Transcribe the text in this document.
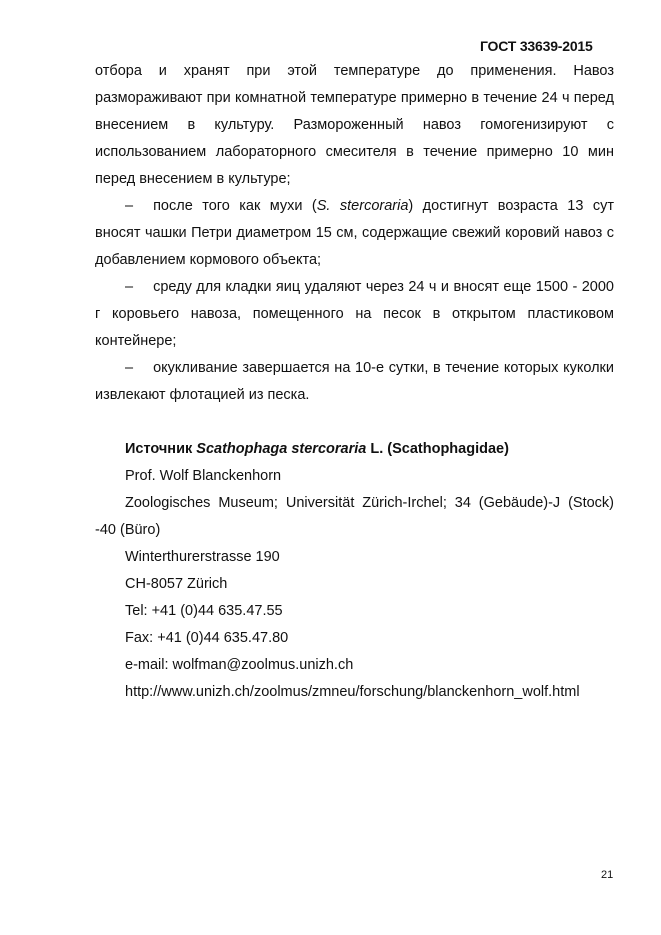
ГОСТ 33639-2015

отбора и хранят при этой температуре до применения. Навоз размораживают при комнатной температуре примерно в течение 24 ч перед внесением в культуру. Размороженный навоз гомогенизируют с использованием лабораторного смесителя в течение примерно 10 мин перед внесением в культуре;

– после того как мухи (S. stercoraria) достигнут возраста 13 сут вносят чашки Петри диаметром 15 см, содержащие свежий коровий навоз с добавлением кормового объекта;

– среду для кладки яиц удаляют через 24 ч и вносят еще 1500 - 2000 г коровьего навоза, помещенного на песок в открытом пластиковом контейнере;

– окукливание завершается на 10-е сутки, в течение которых куколки извлекают флотацией из песка.

Источник Scathophaga stercoraria L. (Scathophagidae)

Prof. Wolf Blanckenhorn

Zoologisches Museum; Universität Zürich-Irchel; 34 (Gebäude)-J (Stock) -40 (Büro)

Winterthurerstrasse 190

CH-8057 Zürich

Tel: +41 (0)44 635.47.55

Fax: +41 (0)44 635.47.80

e-mail: wolfman@zoolmus.unizh.ch

http://www.unizh.ch/zoolmus/zmneu/forschung/blanckenhorn_wolf.html

21
